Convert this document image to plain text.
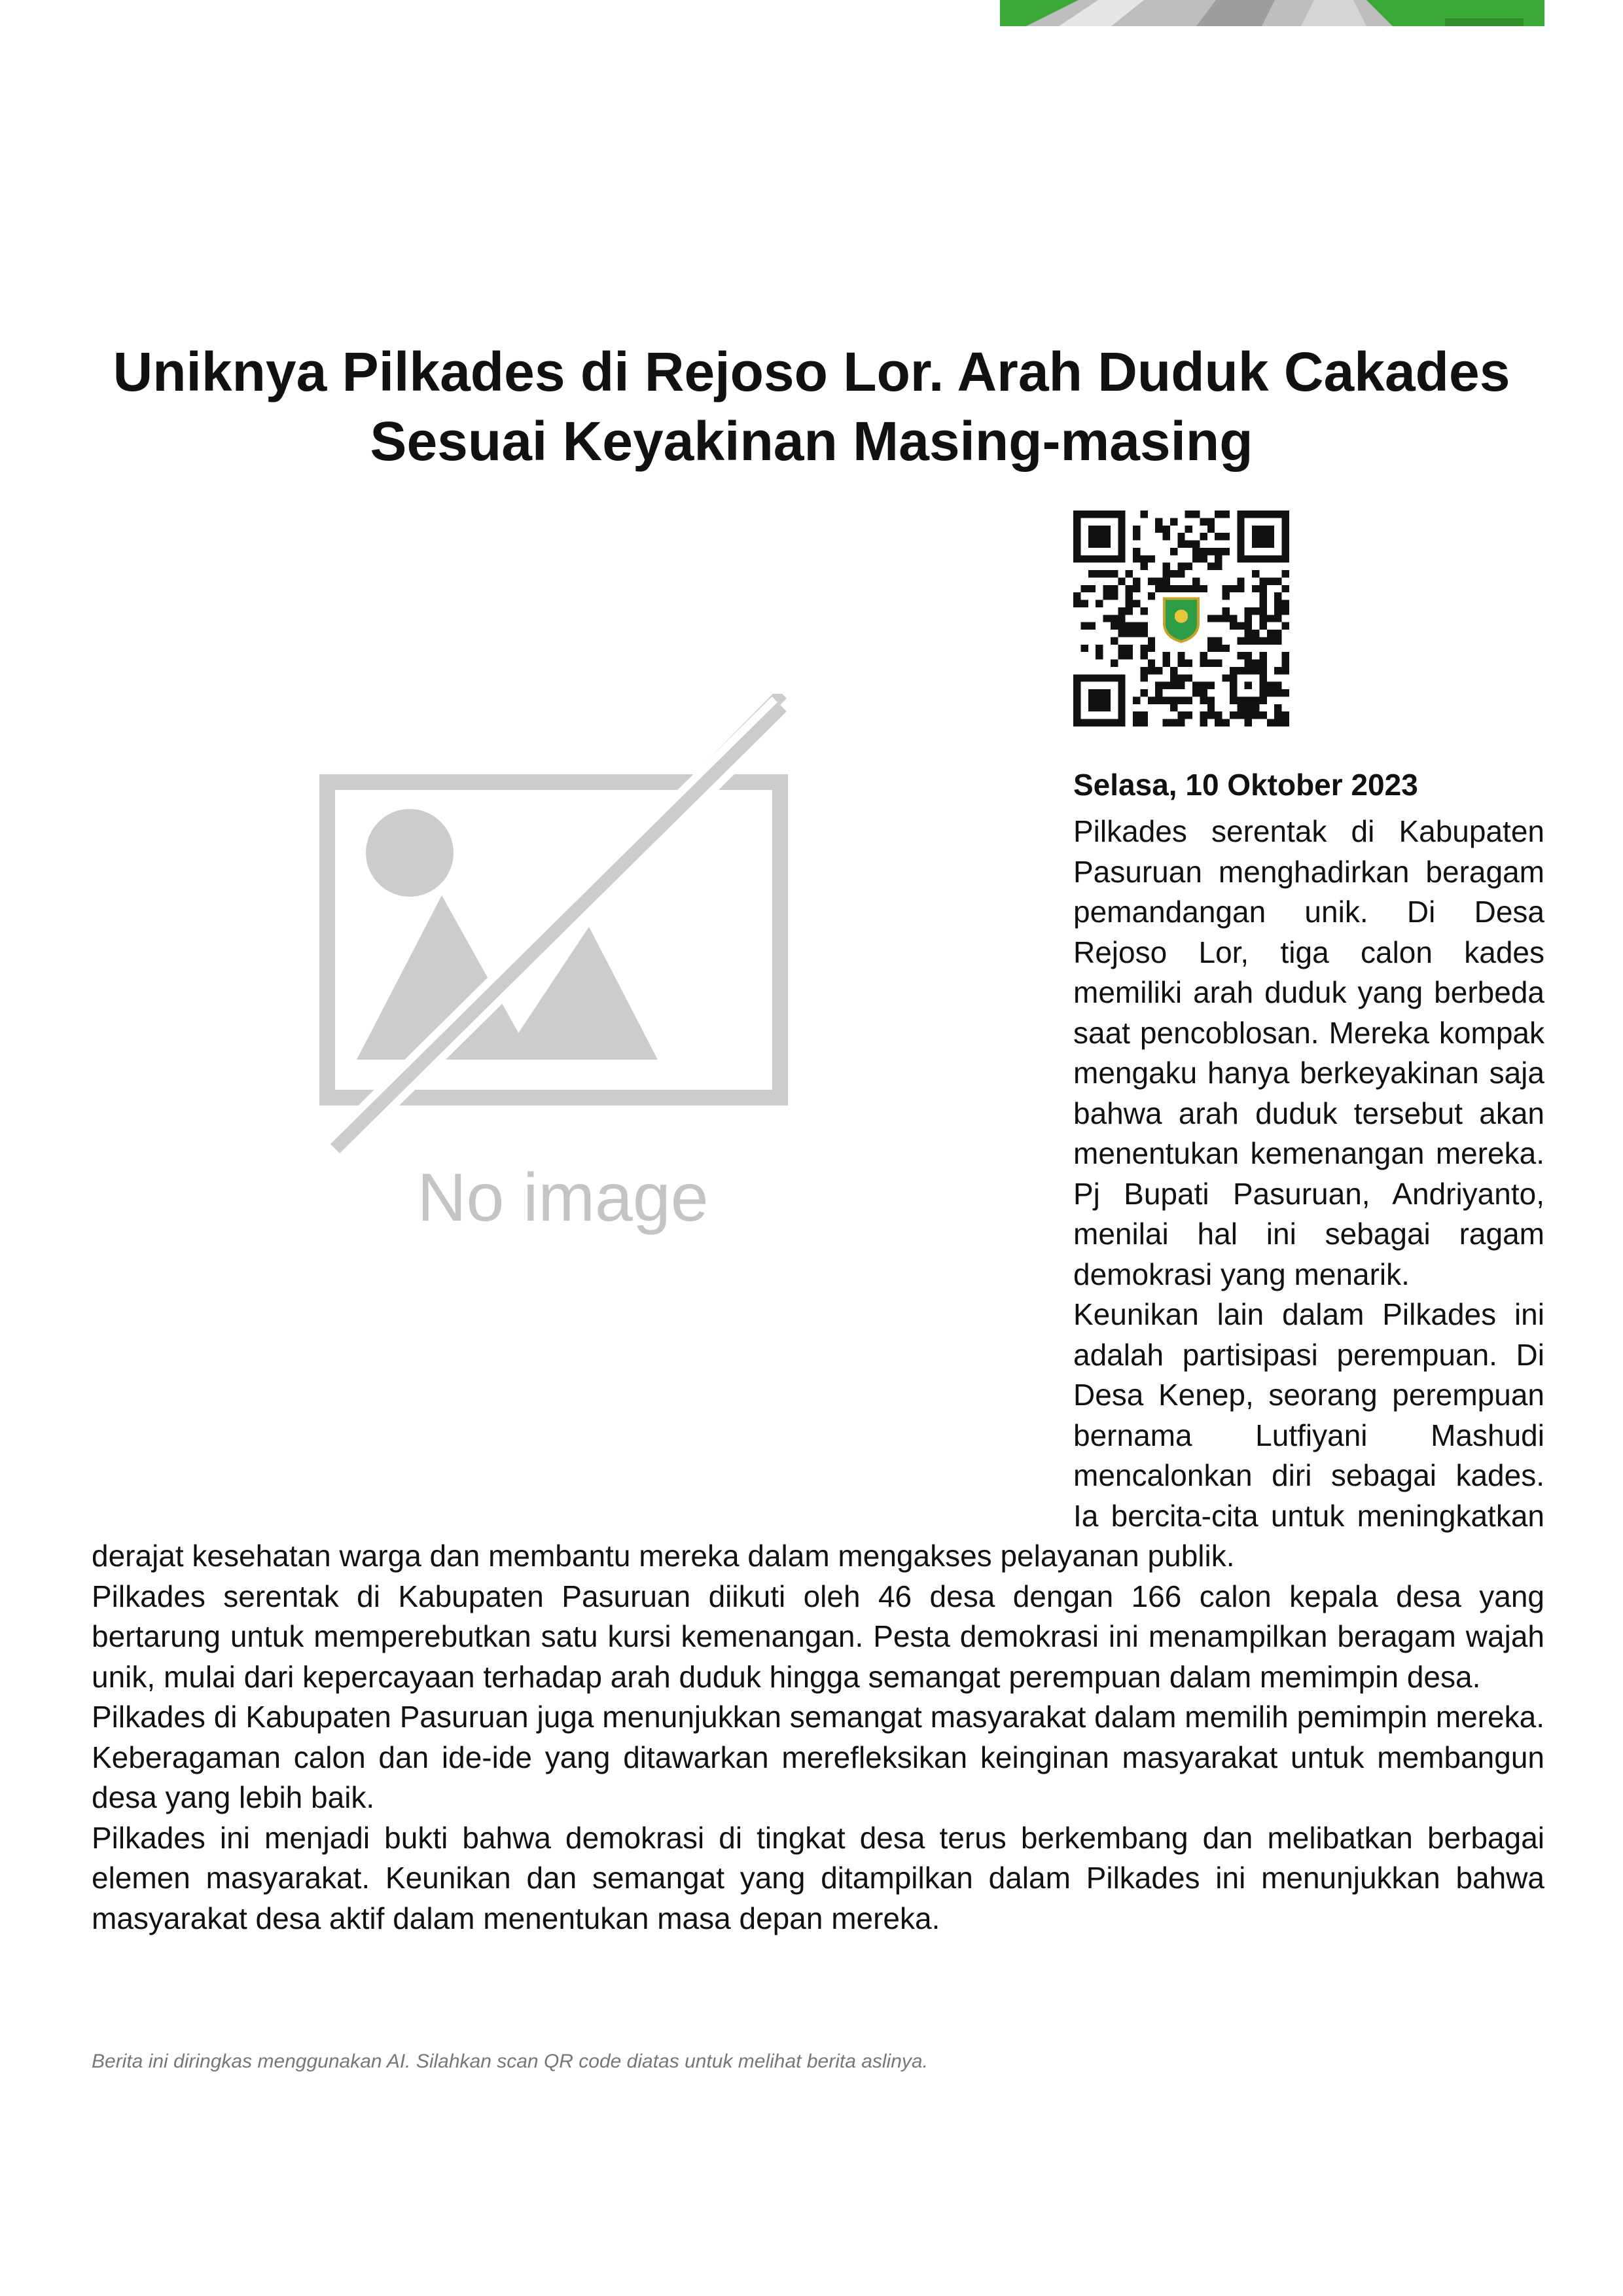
Uniknya Pilkades di Rejoso Lor. Arah Duduk Cakades Sesuai Keyakinan Masing-masing
No image

Selasa, 10 Oktober 2023

Pilkades serentak di Kabupaten Pasuruan menghadirkan beragam pemandangan unik. Di Desa Rejoso Lor, tiga calon kades memiliki arah duduk yang berbeda saat pencoblosan. Mereka kompak mengaku hanya berkeyakinan saja bahwa arah duduk tersebut akan menentukan kemenangan mereka. Pj Bupati Pasuruan, Andriyanto, menilai hal ini sebagai ragam demokrasi yang menarik.

Keunikan lain dalam Pilkades ini adalah partisipasi perempuan. Di Desa Kenep, seorang perempuan bernama Lutfiyani Mashudi mencalonkan diri sebagai kades. Ia bercita-cita untuk meningkatkan derajat kesehatan warga dan membantu mereka dalam mengakses pelayanan publik.

Pilkades serentak di Kabupaten Pasuruan diikuti oleh 46 desa dengan 166 calon kepala desa yang bertarung untuk memperebutkan satu kursi kemenangan. Pesta demokrasi ini menampilkan beragam wajah unik, mulai dari kepercayaan terhadap arah duduk hingga semangat perempuan dalam memimpin desa.

Pilkades di Kabupaten Pasuruan juga menunjukkan semangat masyarakat dalam memilih pemimpin mereka. Keberagaman calon dan ide-ide yang ditawarkan merefleksikan keinginan masyarakat untuk membangun desa yang lebih baik.

Pilkades ini menjadi bukti bahwa demokrasi di tingkat desa terus berkembang dan melibatkan berbagai elemen masyarakat. Keunikan dan semangat yang ditampilkan dalam Pilkades ini menunjukkan bahwa masyarakat desa aktif dalam menentukan masa depan mereka.

Berita ini diringkas menggunakan AI. Silahkan scan QR code diatas untuk melihat berita aslinya.
